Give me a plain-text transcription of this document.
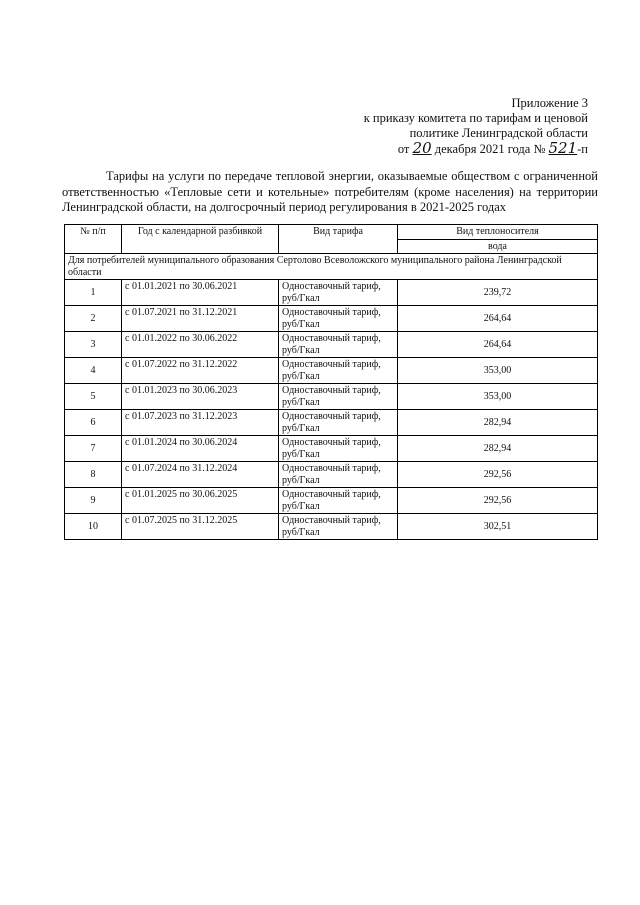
Приложение 3
к приказу комитета по тарифам и ценовой
политике Ленинградской области
от 20 декабря 2021 года № 521-п
Тарифы на услуги по передаче тепловой энергии, оказываемые обществом с ограниченной ответственностью «Тепловые сети и котельные» потребителям (кроме населения) на территории Ленинградской области, на долгосрочный период регулирования в 2021-2025 годах
№ п/п	Год с календарной разбивкой	Вид тарифа	Вид теплоносителя
			вода
Для потребителей муниципального образования Сертолово Всеволожского муниципального района Ленинградской области			
1	с 01.01.2021 по 30.06.2021	Одноставочный тариф, руб/Гкал	239,72
2	с 01.07.2021 по 31.12.2021	Одноставочный тариф, руб/Гкал	264,64
3	с 01.01.2022 по 30.06.2022	Одноставочный тариф, руб/Гкал	264,64
4	с 01.07.2022 по 31.12.2022	Одноставочный тариф, руб/Гкал	353,00
5	с 01.01.2023 по 30.06.2023	Одноставочный тариф, руб/Гкал	353,00
6	с 01.07.2023 по 31.12.2023	Одноставочный тариф, руб/Гкал	282,94
7	с 01.01.2024 по 30.06.2024	Одноставочный тариф, руб/Гкал	282,94
8	с 01.07.2024 по 31.12.2024	Одноставочный тариф, руб/Гкал	292,56
9	с 01.01.2025 по 30.06.2025	Одноставочный тариф, руб/Гкал	292,56
10	с 01.07.2025 по 31.12.2025	Одноставочный тариф, руб/Гкал	302,51
